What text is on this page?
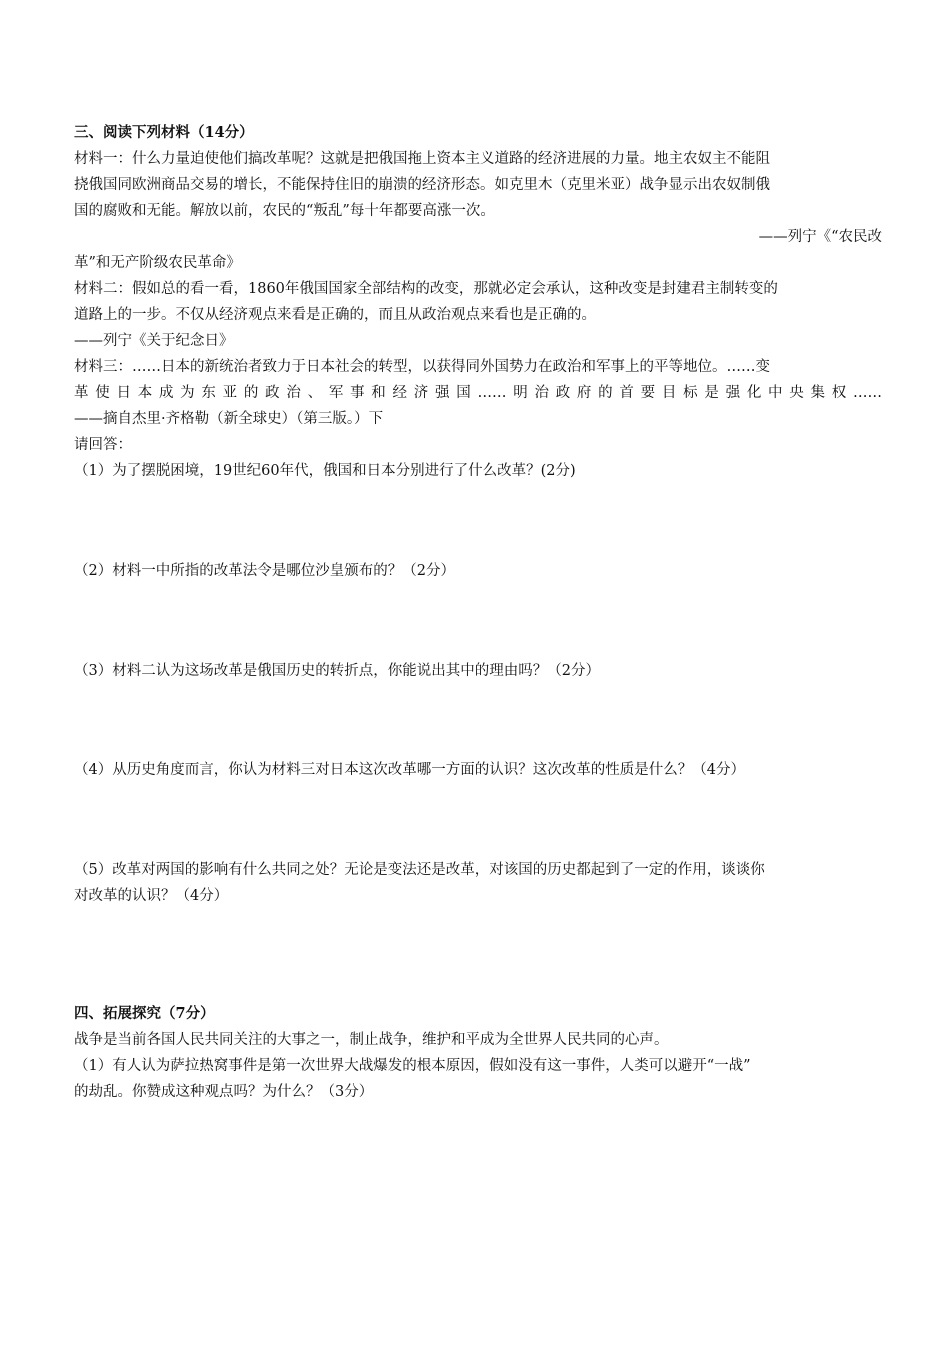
三、阅读下列材料（14分）
材料一：什么力量迫使他们搞改革呢？这就是把俄国拖上资本主义道路的经济进展的力量。地主农奴主不能阻
挠俄国同欧洲商品交易的增长，不能保持住旧的崩溃的经济形态。如克里木（克里米亚）战争显示出农奴制俄
国的腐败和无能。解放以前，农民的“叛乱”每十年都要高涨一次。
——列宁《“农民改
革”和无产阶级农民革命》
材料二：假如总的看一看，1860年俄国国家全部结构的改变，那就必定会承认，这种改变是封建君主制转变的
道路上的一步。不仅从经济观点来看是正确的，而且从政治观点来看也是正确的。
——列宁《关于纪念日》
材料三：……日本的新统治者致力于日本社会的转型，以获得同外国势力在政治和军事上的平等地位。……变
革使日本成为东亚的政治、军事和经济强国……明治政府的首要目标是强化中央集权……
——摘自杰里·齐格勒（新全球史）（第三版。）下
请回答：
（1）为了摆脱困境，19世纪60年代，俄国和日本分别进行了什么改革？(2分)
（2）材料一中所指的改革法令是哪位沙皇颁布的？（2分）
（3）材料二认为这场改革是俄国历史的转折点，你能说出其中的理由吗？（2分）
（4）从历史角度而言，你认为材料三对日本这次改革哪一方面的认识？这次改革的性质是什么？（4分）
（5）改革对两国的影响有什么共同之处？无论是变法还是改革，对该国的历史都起到了一定的作用，谈谈你
对改革的认识？（4分）
四、拓展探究（7分）
战争是当前各国人民共同关注的大事之一，制止战争，维护和平成为全世界人民共同的心声。
（1）有人认为萨拉热窝事件是第一次世界大战爆发的根本原因，假如没有这一事件，人类可以避开“一战”
的劫乱。你赞成这种观点吗？为什么？（3分）
